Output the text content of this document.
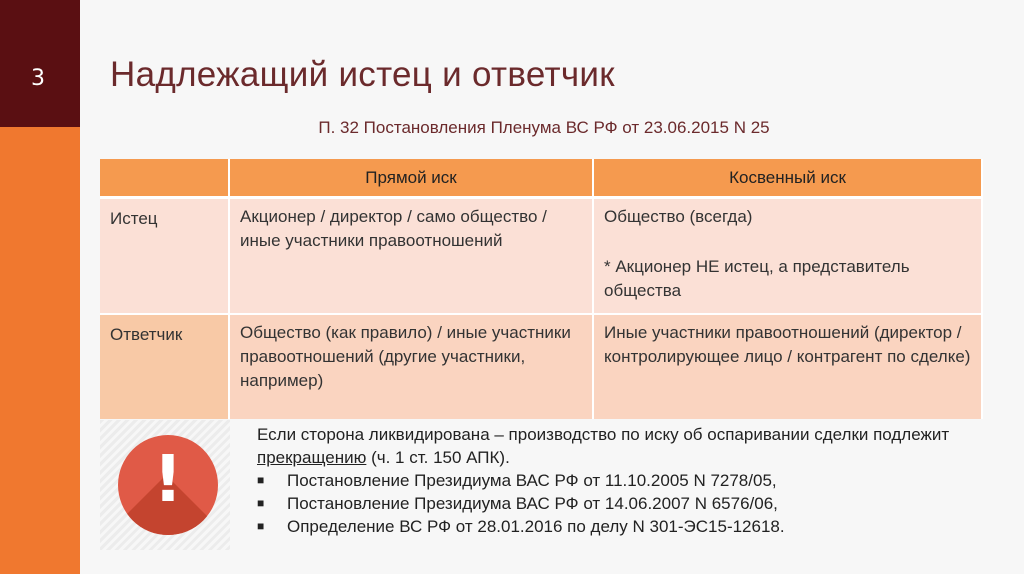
3	Надлежащий истец и ответчик
П. 32 Постановления Пленума ВС РФ от 23.06.2015 N 25
	Прямой иск	Косвенный иск
Истец	Акционер / директор / само общество / иные участники правоотношений	Общество (всегда)
* Акционер НЕ истец, а представитель общества

Ответчик	Общество (как правило) / иные участники правоотношений (другие участники, например)	Иные участники правоотношений (директор / контролирующее лицо / контрагент по сделке)
!

Если сторона ликвидирована – производство по иску об оспаривании сделки подлежит прекращению (ч. 1 ст. 150 АПК).

■ Постановление Президиума ВАС РФ от 11.10.2005 N 7278/05,
■ Постановление Президиума ВАС РФ от 14.06.2007 N 6576/06,
■ Определение ВС РФ от 28.01.2016 по делу N 301-ЭС15-12618.
